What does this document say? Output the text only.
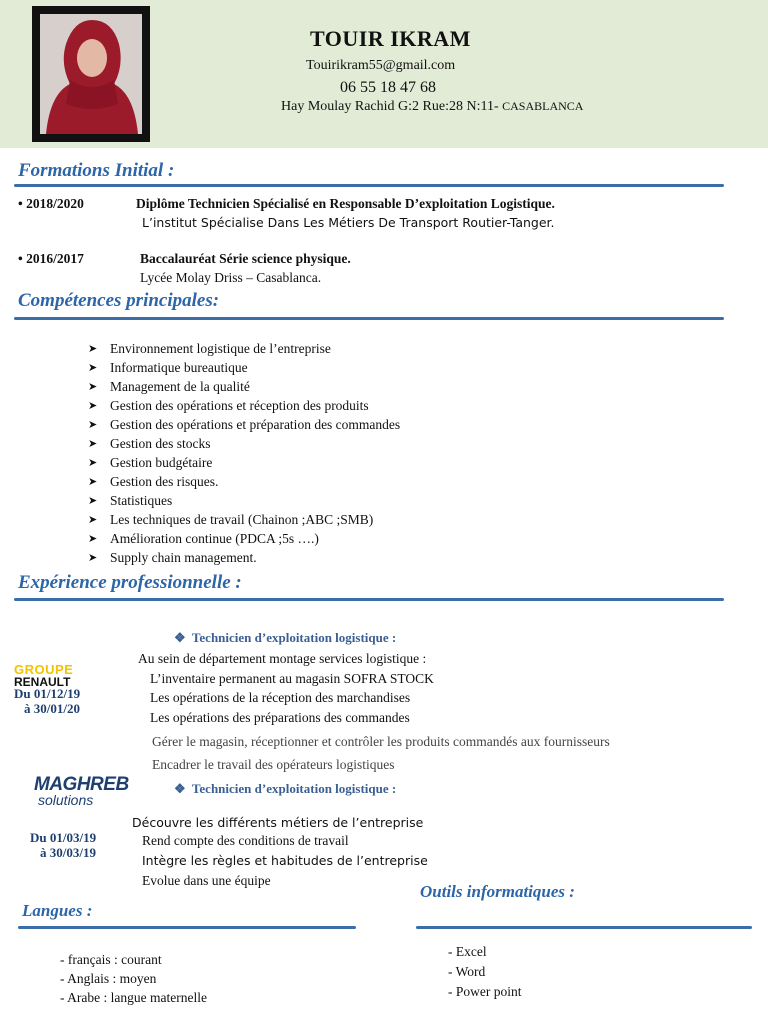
TOUIR IKRAM
Touirikram55@gmail.com
06 55 18 47 68
Hay Moulay Rachid G:2 Rue:28 N:11- CASABLANCA
Formations Initial :
• 2018/2020	Diplôme Technicien Spécialisé en Responsable D’exploitation Logistique.
L’institut Spécialise Dans Les Métiers De Transport Routier-Tanger.
• 2016/2017	Baccalauréat Série science physique.
Lycée Molay Driss – Casablanca.
Compétences principales:
➤ Environnement logistique de l’entreprise
➤ Informatique bureautique
➤ Management de la qualité
➤ Gestion des opérations et réception des produits
➤ Gestion des opérations et préparation des commandes
➤ Gestion des stocks
➤ Gestion budgétaire
➤ Gestion des risques.
➤ Statistiques
➤ Les techniques de travail (Chainon ;ABC ;SMB)
➤ Amélioration continue (PDCA ;5s ….)
➤ Supply chain management.
Expérience professionnelle :
GROUPE
RENAULT
Du 01/12/19
à 30/01/20
❖ Technicien d’exploitation logistique :
Au sein de département montage services logistique :
L’inventaire permanent au magasin SOFRA STOCK
Les opérations de la réception des marchandises
Les opérations des préparations des commandes
Gérer le magasin, réceptionner et contrôler les produits commandés aux fournisseurs
Encadrer le travail des opérateurs logistiques
MAGHREB
solutions
Du 01/03/19
à 30/03/19
❖ Technicien d’exploitation logistique :
Découvre les différents métiers de l’entreprise
Rend compte des conditions de travail
Intègre les règles et habitudes de l’entreprise
Evolue dans une équipe
Outils informatiques :
- Excel
- Word
- Power point
Langues :
- français : courant
- Anglais : moyen
- Arabe : langue maternelle
